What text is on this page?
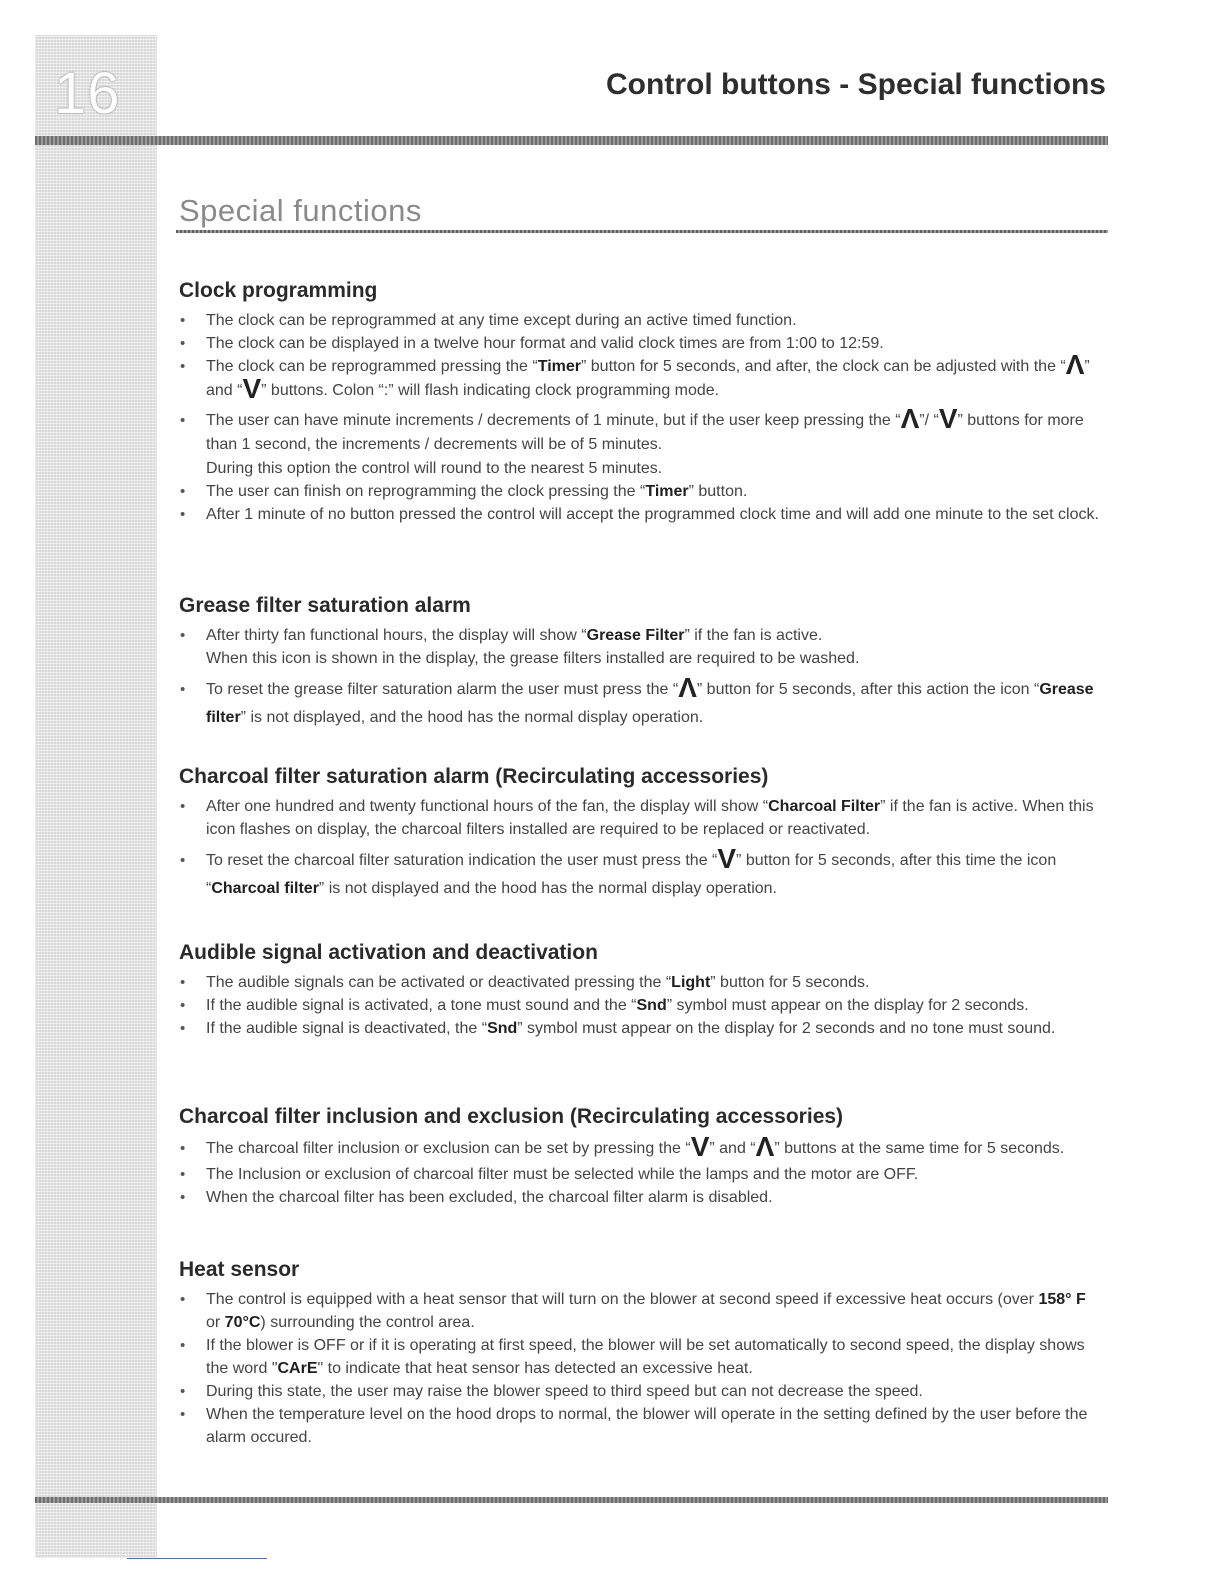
16	Control buttons - Special functions
Special functions
Clock programming
• The clock can be reprogrammed at any time except during an active timed function.
• The clock can be displayed in a twelve hour format and valid clock times are from 1:00 to 12:59.
• The clock can be reprogrammed pressing the “Timer” button for 5 seconds, and after, the clock can be adjusted with the “Λ” and “V” buttons. Colon “:” will flash indicating clock programming mode.
• The user can have minute increments / decrements of 1 minute, but if the user keep pressing the “Λ”/ “V” buttons for more than 1 second, the increments / decrements will be of 5 minutes.
During this option the control will round to the nearest 5 minutes.
• The user can finish on reprogramming the clock pressing the “Timer” button.
• After 1 minute of no button pressed the control will accept the programmed clock time and will add one minute to the set clock.
Grease filter saturation alarm
• After thirty fan functional hours, the display will show “Grease Filter” if the fan is active.
When this icon is shown in the display, the grease filters installed are required to be washed.
• To reset the grease filter saturation alarm the user must press the “Λ” button for 5 seconds, after this action the icon “Grease filter” is not displayed, and the hood has the normal display operation.
Charcoal filter saturation alarm (Recirculating accessories)
• After one hundred and twenty functional hours of the fan, the display will show “Charcoal Filter” if the fan is active. When this icon flashes on display, the charcoal filters installed are required to be replaced or reactivated.
• To reset the charcoal filter saturation indication the user must press the “V” button for 5 seconds, after this time the icon “Charcoal filter” is not displayed and the hood has the normal display operation.
Audible signal activation and deactivation
• The audible signals can be activated or deactivated pressing the “Light” button for 5 seconds.
• If the audible signal is activated, a tone must sound and the “Snd” symbol must appear on the display for 2 seconds.
• If the audible signal is deactivated, the “Snd” symbol must appear on the display for 2 seconds and no tone must sound.
Charcoal filter inclusion and exclusion (Recirculating accessories)
• The charcoal filter inclusion or exclusion can be set by pressing the “V” and “Λ” buttons at the same time for 5 seconds.
• The Inclusion or exclusion of charcoal filter must be selected while the lamps and the motor are OFF.
• When the charcoal filter has been excluded, the charcoal filter alarm is disabled.
Heat sensor
• The control is equipped with a heat sensor that will turn on the blower at second speed if excessive heat occurs (over 158° F or 70°C) surrounding the control area.
• If the blower is OFF or if it is operating at first speed, the blower will be set automatically to second speed, the display shows the word "CArE" to indicate that heat sensor has detected an excessive heat.
• During this state, the user may raise the blower speed to third speed but can not decrease the speed.
• When the temperature level on the hood drops to normal, the blower will operate in the setting defined by the user before the alarm occured.
